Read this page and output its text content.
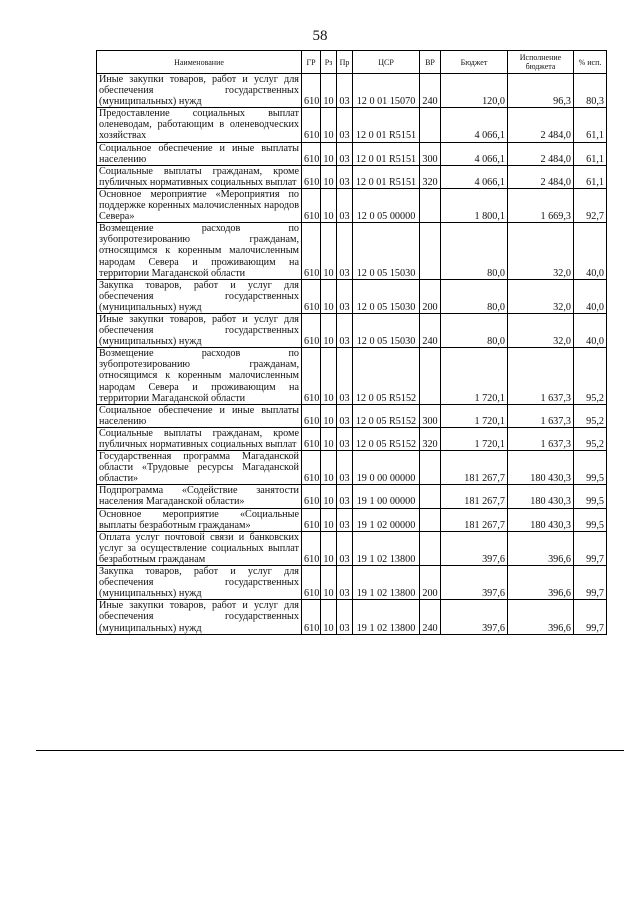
58
Наименование	ГР	Рз	Пр	ЦСР	ВР	Бюджет	Исполнение бюджета	% исп.
Иные закупки товаров, работ и услуг для обеспечения государственных (муниципальных) нужд	610	10	03	12 0 01 15070	240	120,0	96,3	80,3
Предоставление социальных выплат оленеводам, работающим в оленеводческих хозяйствах	610	10	03	12 0 01 R5151		4 066,1	2 484,0	61,1
Социальное обеспечение и иные выплаты населению	610	10	03	12 0 01 R5151	300	4 066,1	2 484,0	61,1
Социальные выплаты гражданам, кроме публичных нормативных социальных выплат	610	10	03	12 0 01 R5151	320	4 066,1	2 484,0	61,1
Основное мероприятие «Мероприятия по поддержке коренных малочисленных народов Севера»	610	10	03	12 0 05 00000		1 800,1	1 669,3	92,7
Возмещение расходов по зубопротезированию гражданам, относящимся к коренным малочисленным народам Севера и проживающим на территории Магаданской области	610	10	03	12 0 05 15030		80,0	32,0	40,0
Закупка товаров, работ и услуг для обеспечения государственных (муниципальных) нужд	610	10	03	12 0 05 15030	200	80,0	32,0	40,0
Иные закупки товаров, работ и услуг для обеспечения государственных (муниципальных) нужд	610	10	03	12 0 05 15030	240	80,0	32,0	40,0
Возмещение расходов по зубопротезированию гражданам, относящимся к коренным малочисленным народам Севера и проживающим на территории Магаданской области	610	10	03	12 0 05 R5152		1 720,1	1 637,3	95,2
Социальное обеспечение и иные выплаты населению	610	10	03	12 0 05 R5152	300	1 720,1	1 637,3	95,2
Социальные выплаты гражданам, кроме публичных нормативных социальных выплат	610	10	03	12 0 05 R5152	320	1 720,1	1 637,3	95,2
Государственная программа Магаданской области «Трудовые ресурсы Магаданской области»	610	10	03	19 0 00 00000		181 267,7	180 430,3	99,5
Подпрограмма «Содействие занятости населения Магаданской области»	610	10	03	19 1 00 00000		181 267,7	180 430,3	99,5
Основное мероприятие «Социальные выплаты безработным гражданам»	610	10	03	19 1 02 00000		181 267,7	180 430,3	99,5
Оплата услуг почтовой связи и банковских услуг за осуществление социальных выплат безработным гражданам	610	10	03	19 1 02 13800		397,6	396,6	99,7
Закупка товаров, работ и услуг для обеспечения государственных (муниципальных) нужд	610	10	03	19 1 02 13800	200	397,6	396,6	99,7
Иные закупки товаров, работ и услуг для обеспечения государственных (муниципальных) нужд	610	10	03	19 1 02 13800	240	397,6	396,6	99,7
